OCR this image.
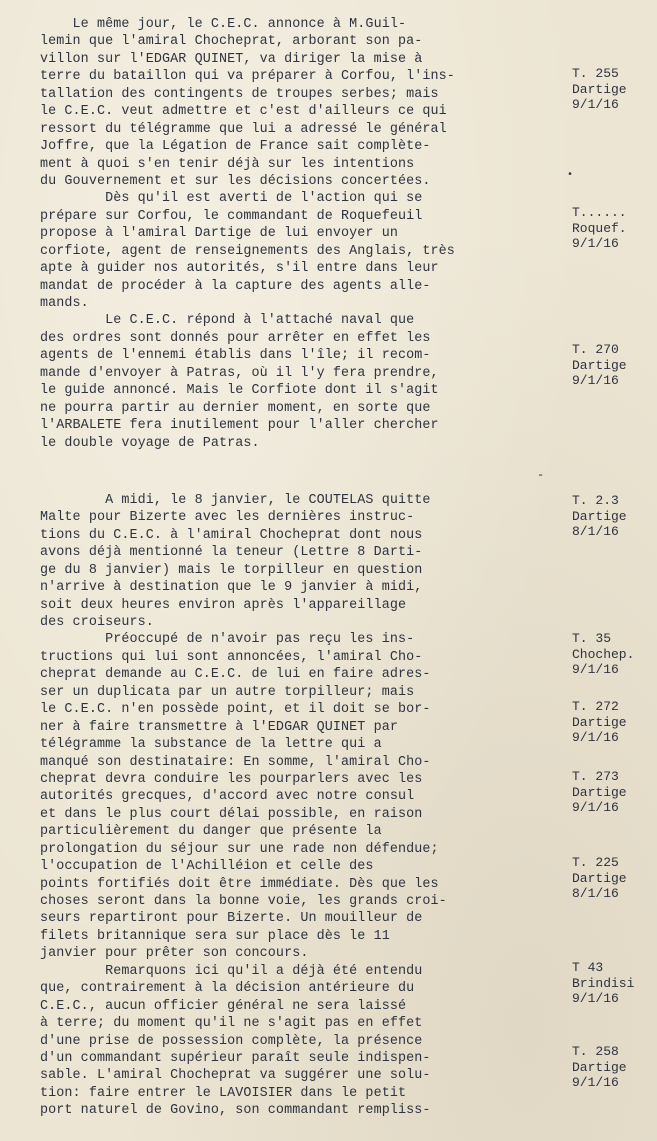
Le même jour, le C.E.C. annonce à M.Guil-
lemin que l'amiral Chocheprat, arborant son pa-
villon sur l'EDGAR QUINET, va diriger la mise à
terre du bataillon qui va préparer à Corfou, l'ins-
tallation des contingents de troupes serbes; mais
le C.E.C. veut admettre et c'est d'ailleurs ce qui
ressort du télégramme que lui a adressé le général
Joffre, que la Légation de France sait complète-
ment à quoi s'en tenir déjà sur les intentions
du Gouvernement et sur les décisions concertées.
Dès qu'il est averti de l'action qui se
prépare sur Corfou, le commandant de Roquefeuil
propose à l'amiral Dartige de lui envoyer un
corfiote, agent de renseignements des Anglais, très
apte à guider nos autorités, s'il entre dans leur
mandat de procéder à la capture des agents alle-
mands.
Le C.E.C. répond à l'attaché naval que
des ordres sont donnés pour arrêter en effet les
agents de l'ennemi établis dans l'île; il recom-
mande d'envoyer à Patras, où il l'y fera prendre,
le guide annoncé. Mais le Corfiote dont il s'agit
ne pourra partir au dernier moment, en sorte que
l'ARBALETE fera inutilement pour l'aller chercher
le double voyage de Patras.
A midi, le 8 janvier, le COUTELAS quitte
Malte pour Bizerte avec les dernières instruc-
tions du C.E.C. à l'amiral Chocheprat dont nous
avons déjà mentionné la teneur (Lettre 8 Darti-
ge du 8 janvier) mais le torpilleur en question
n'arrive à destination que le 9 janvier à midi,
soit deux heures environ après l'appareillage
des croiseurs.
Préoccupé de n'avoir pas reçu les ins-
tructions qui lui sont annoncées, l'amiral Cho-
cheprat demande au C.E.C. de lui en faire adres-
ser un duplicata par un autre torpilleur; mais
le C.E.C. n'en possède point, et il doit se bor-
ner à faire transmettre à l'EDGAR QUINET par
télégramme la substance de la lettre qui a
manqué son destinataire: En somme, l'amiral Cho-
cheprat devra conduire les pourparlers avec les
autorités grecques, d'accord avec notre consul
et dans le plus court délai possible, en raison
particulièrement du danger que présente la
prolongation du séjour sur une rade non défendue;
l'occupation de l'Achilléion et celle des
points fortifiés doit être immédiate. Dès que les
choses seront dans la bonne voie, les grands croi-
seurs repartiront pour Bizerte. Un mouilleur de
filets britannique sera sur place dès le 11
janvier pour prêter son concours.
Remarquons ici qu'il a déjà été entendu
que, contrairement à la décision antérieure du
C.E.C., aucun officier général ne sera laissé
à terre; du moment qu'il ne s'agit pas en effet
d'une prise de possession complète, la présence
d'un commandant supérieur paraît seule indispen-
sable. L'amiral Chocheprat va suggérer une solu-
tion: faire entrer le LAVOISIER dans le petit
port naturel de Govino, son commandant rempliss-
-
•
T. 255
Dartige
9/1/16
T......
Roquef.
9/1/16
T. 270
Dartige
9/1/16
T. 2.3
Dartige
8/1/16
T. 35
Chochep.
9/1/16
T. 272
Dartige
9/1/16
T. 273
Dartige
9/1/16
T. 225
Dartige
8/1/16
T 43
Brindisi
9/1/16
T. 258
Dartige
9/1/16
